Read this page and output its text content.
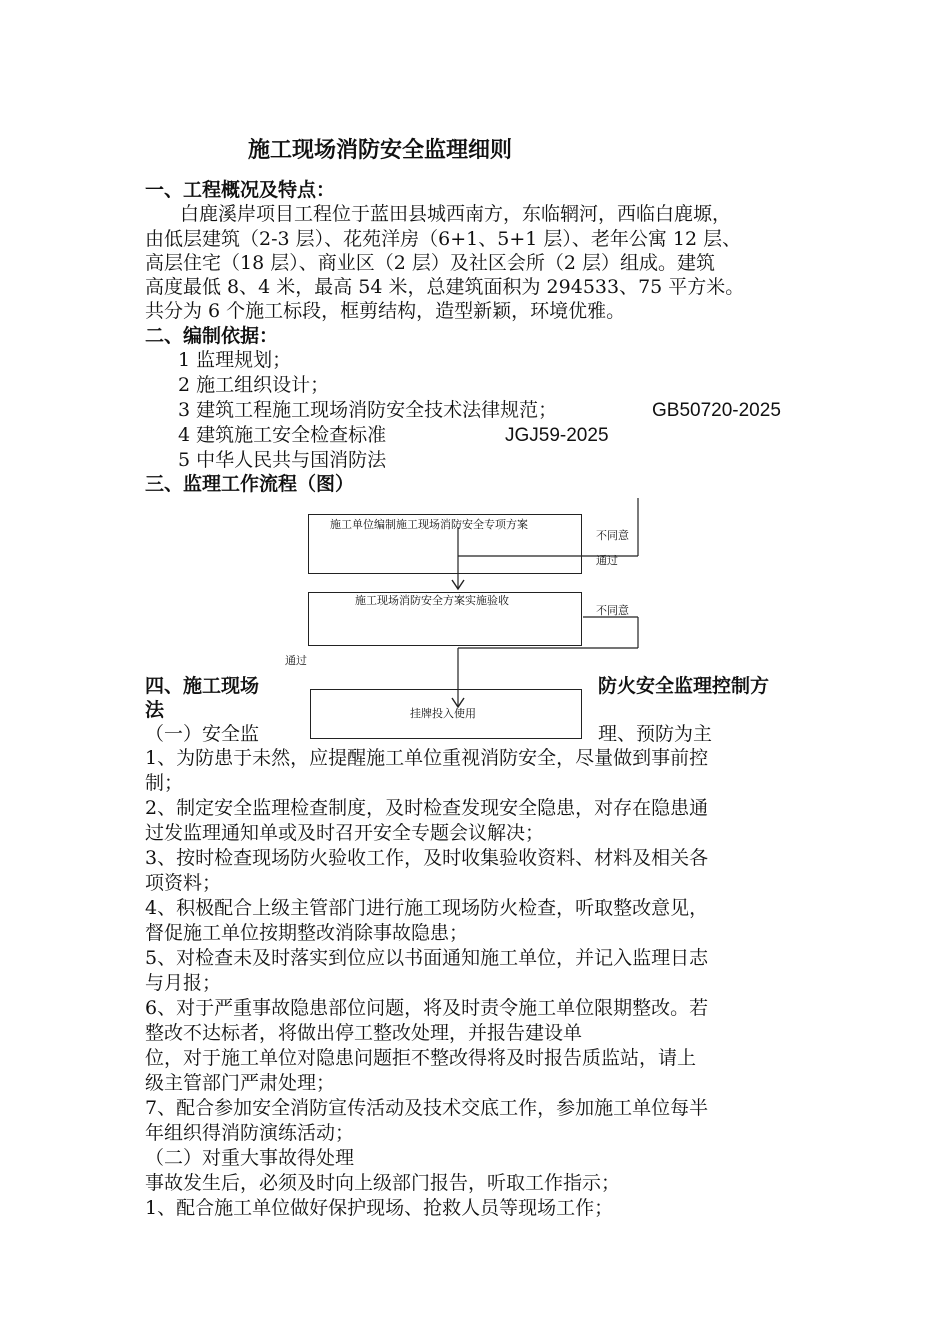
施工现场消防安全监理细则
一、工程概况及特点：
白鹿溪岸项目工程位于蓝田县城西南方，东临辋河，西临白鹿塬，
由低层建筑（2-3 层）、花苑洋房（6+1、5+1 层）、老年公寓 12 层、
高层住宅（18 层）、商业区（2 层）及社区会所（2 层）组成。建筑
高度最低 8、4 米，最高 54 米，总建筑面积为 294533、75 平方米。
共分为 6 个施工标段，框剪结构，造型新颖，环境优雅。
二、编制依据：
1 监理规划；
2 施工组织设计；
3 建筑工程施工现场消防安全技术法律规范；	GB50720-2025
4 建筑施工安全检查标准	JGJ59-2025
5 中华人民共与国消防法
三、监理工作流程（图）
施工单位编制施工现场消防安全专项方案
不同意
通过
施工现场消防安全方案实施验收
不同意
通过
挂牌投入使用
四、施工现场	防火安全监理控制方
法
（一）安全监	理、预防为主
1、为防患于未然，应提醒施工单位重视消防安全，尽量做到事前控
制；
2、制定安全监理检查制度，及时检查发现安全隐患，对存在隐患通
过发监理通知单或及时召开安全专题会议解决；
3、按时检查现场防火验收工作，及时收集验收资料、材料及相关各
项资料；
4、积极配合上级主管部门进行施工现场防火检查，听取整改意见，
督促施工单位按期整改消除事故隐患；
5、对检查未及时落实到位应以书面通知施工单位，并记入监理日志
与月报；
6、对于严重事故隐患部位问题，将及时责令施工单位限期整改。若
整改不达标者，将做出停工整改处理，并报告建设单
位，对于施工单位对隐患问题拒不整改得将及时报告质监站，请上
级主管部门严肃处理；
7、配合参加安全消防宣传活动及技术交底工作，参加施工单位每半
年组织得消防演练活动；
（二）对重大事故得处理
事故发生后，必须及时向上级部门报告，听取工作指示；
1、配合施工单位做好保护现场、抢救人员等现场工作；
